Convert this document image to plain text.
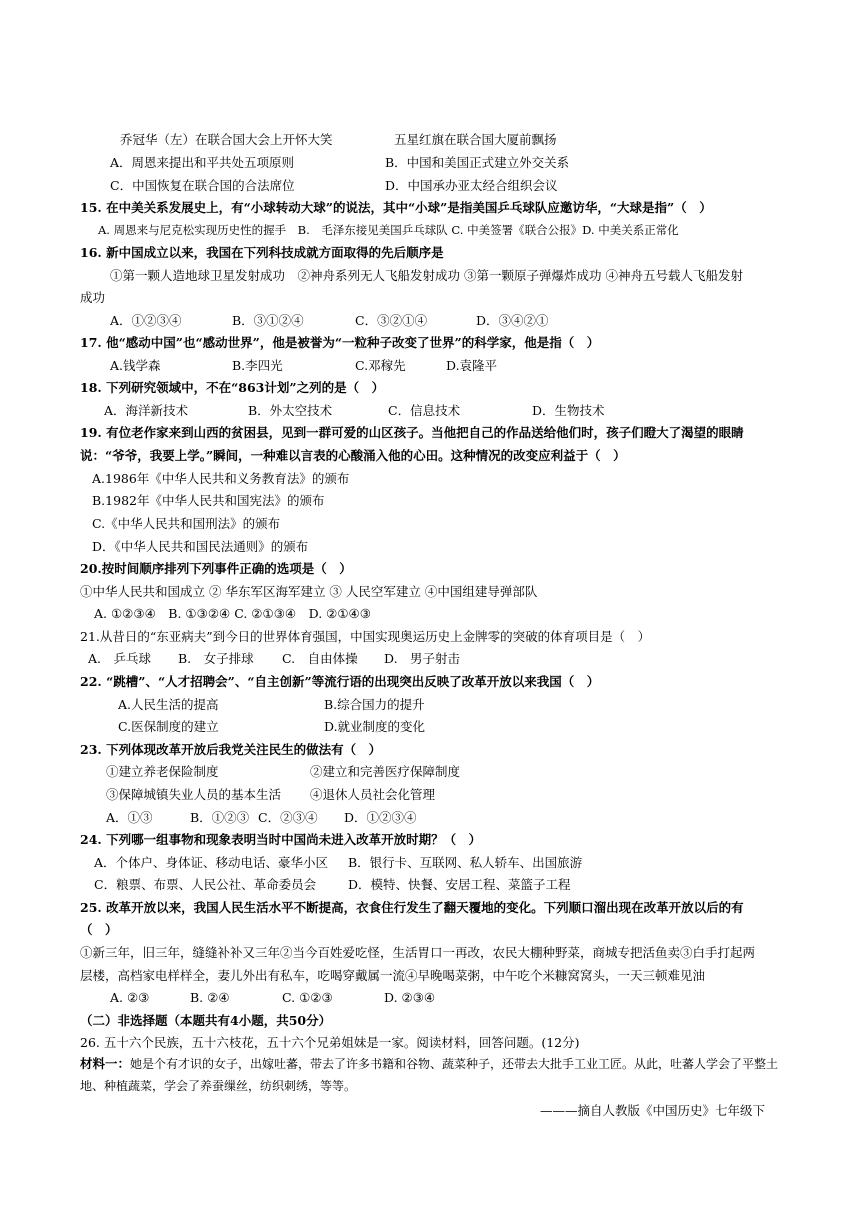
乔冠华（左）在联合国大会上开怀大笑	五星红旗在联合国大厦前飘扬
A．周恩来提出和平共处五项原则	B．中国和美国正式建立外交关系
C．中国恢复在联合国的合法席位	D．中国承办亚太经合组织会议
15. 在中美关系发展史上，有“小球转动大球”的说法，其中“小球”是指美国乒乓球队应邀访华，“大球是指”（　）
A. 周恩来与尼克松实现历史性的握手　B.　毛泽东接见美国乒乓球队 C. 中美签署《联合公报》D. 中美关系正常化
16. 新中国成立以来，我国在下列科技成就方面取得的先后顺序是
①第一颗人造地球卫星发射成功　②神舟系列无人飞船发射成功 ③第一颗原子弹爆炸成功 ④神舟五号载人飞船发射
成功
A．①②③④	B．③①②④	C．③②①④	D．③④②①
17. 他“感动中国”也“感动世界”，他是被誉为“一粒种子改变了世界”的科学家，他是指（　）
A.钱学森	B.李四光	C.邓稼先	D.袁隆平
18. 下列研究领域中，不在“863计划”之列的是（　）
A．海洋新技术	B．外太空技术	C．信息技术	D．生物技术
19. 有位老作家来到山西的贫困县，见到一群可爱的山区孩子。当他把自己的作品送给他们时，孩子们瞪大了渴望的眼睛
说：“爷爷，我要上学。”瞬间，一种难以言表的心酸涌入他的心田。这种情况的改变应利益于（　）
A.1986年《中华人民共和义务教育法》的颁布
B.1982年《中华人民共和国宪法》的颁布
C.《中华人民共和国刑法》的颁布
D．《中华人民共和国民法通则》的颁布
20.按时间顺序排列下列事件正确的选项是（　）
①中华人民共和国成立 ② 华东军区海军建立 ③ 人民空军建立 ④中国组建导弹部队
A. ①②③④　B. ①③②④ C. ②①③④　D. ②①④③
21.从昔日的“东亚病夫”到今日的世界体育强国，中国实现奥运历史上金牌零的突破的体育项目是（　）
A.　乒乓球 B.　女子排球 C.　自由体操 D.　男子射击
22. “跳槽”、“人才招聘会”、“自主创新”等流行语的出现突出反映了改革开放以来我国（　）
A.人民生活的提高	B.综合国力的提升
C.医保制度的建立	D.就业制度的变化
23. 下列体现改革开放后我党关注民生的做法有（　）
①建立养老保险制度	②建立和完善医疗保障制度
③保障城镇失业人员的基本生活 ④退休人员社会化管理
A．①③	B．①②③ C．②③④ D．①②③④
24. 下列哪一组事物和现象表明当时中国尚未进入改革开放时期？（　）
A．个体户、身体证、移动电话、豪华小区 B．银行卡、互联网、私人轿车、出国旅游
C．粮票、布票、人民公社、革命委员会	D．模特、快餐、安居工程、菜篮子工程
25. 改革开放以来，我国人民生活水平不断提高，衣食住行发生了翻天覆地的变化。下列顺口溜出现在改革开放以后的有
（　）
①新三年，旧三年，缝缝补补又三年②当今百姓爱吃怪，生活胃口一再改，农民大棚种野菜，商城专把活鱼卖③白手打起两
层楼，高档家电样样全，妻儿外出有私车，吃喝穿戴属一流④早晚喝菜粥，中午吃个米糠窝窝头，一天三顿难见油
A. ②③	B. ②④	C. ①②③	D. ②③④
（二）非选择题（本题共有4小题，共50分）
26. 五十六个民族，五十六枝花，五十六个兄弟姐妹是一家。阅读材料，回答问题。(12分)
材料一：她是个有才识的女子，出嫁吐蕃，带去了许多书籍和谷物、蔬菜种子，还带去大批手工业工匠。从此，吐蕃人学会了平整土地、种植蔬菜，学会了养蚕缫丝，纺织刺绣，等等。
———摘自人教版《中国历史》七年级下
